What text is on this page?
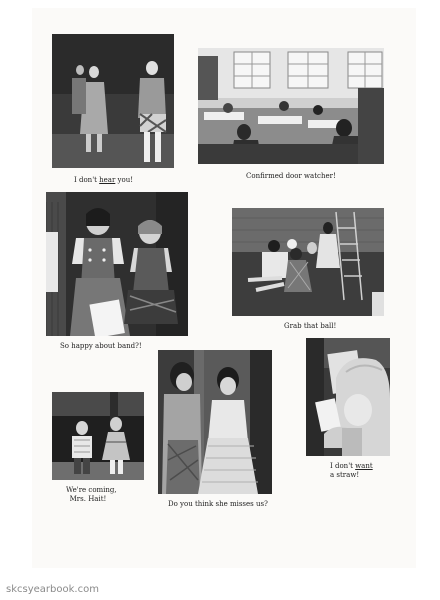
I don't hear you!	Confirmed door watcher!
So happy about band?!
Grab that ball!
We're coming,
Mrs. Hait!
Do you think she misses us?
I don't want
a straw!
skcsyearbook.com
